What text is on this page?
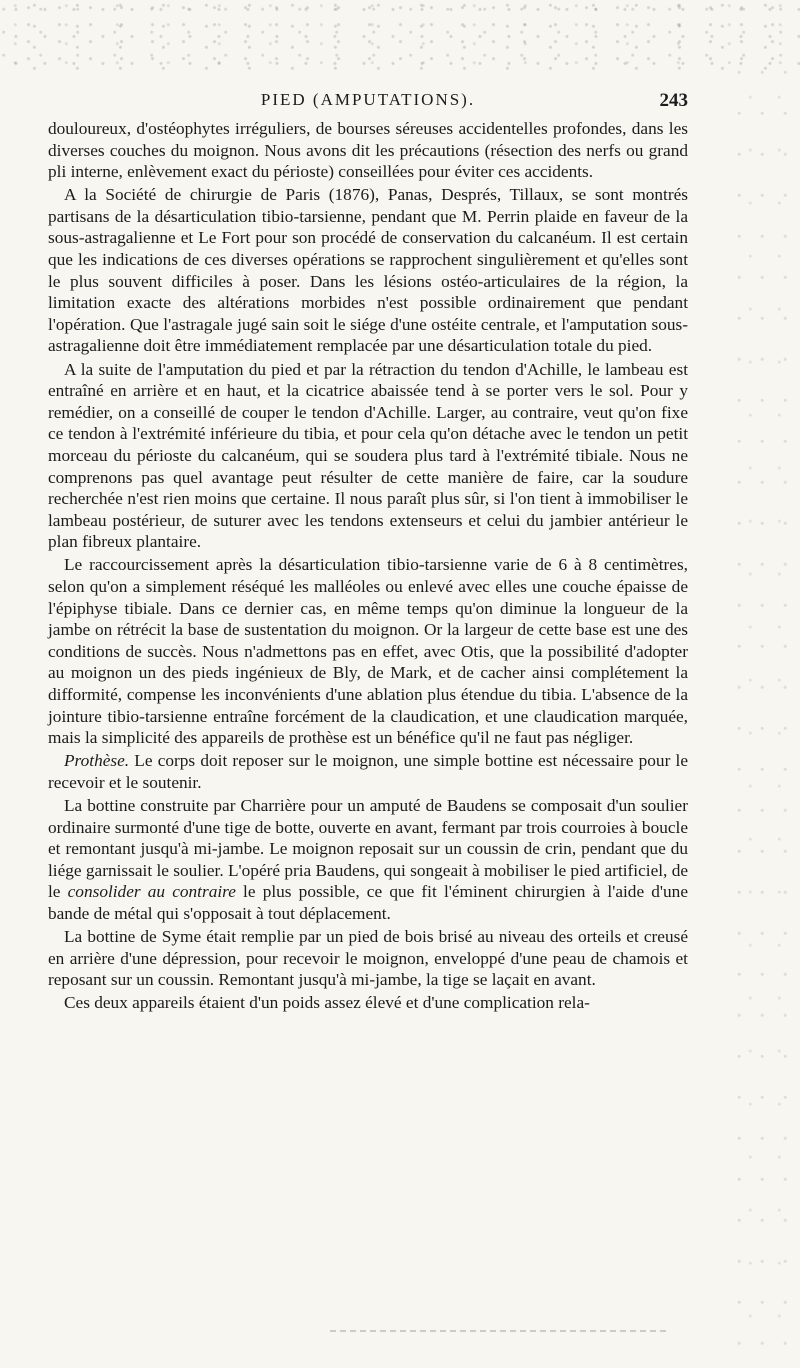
PIED (AMPUTATIONS).	243

douloureux, d'ostéophytes irréguliers, de bourses séreuses accidentelles profondes, dans les diverses couches du moignon. Nous avons dit les précautions (résection des nerfs ou grand pli interne, enlèvement exact du périoste) conseillées pour éviter ces accidents.

A la Société de chirurgie de Paris (1876), Panas, Després, Tillaux, se sont montrés partisans de la désarticulation tibio-tarsienne, pendant que M. Perrin plaide en faveur de la sous-astragalienne et Le Fort pour son procédé de conservation du calcanéum. Il est certain que les indications de ces diverses opérations se rapprochent singulièrement et qu'elles sont le plus souvent difficiles à poser. Dans les lésions ostéo-articulaires de la région, la limitation exacte des altérations morbides n'est possible ordinairement que pendant l'opération. Que l'astragale jugé sain soit le siége d'une ostéite centrale, et l'amputation sous-astragalienne doit être immédiatement remplacée par une désarticulation totale du pied.

A la suite de l'amputation du pied et par la rétraction du tendon d'Achille, le lambeau est entraîné en arrière et en haut, et la cicatrice abaissée tend à se porter vers le sol. Pour y remédier, on a conseillé de couper le tendon d'Achille. Larger, au contraire, veut qu'on fixe ce tendon à l'extrémité inférieure du tibia, et pour cela qu'on détache avec le tendon un petit morceau du périoste du calcanéum, qui se soudera plus tard à l'extrémité tibiale. Nous ne comprenons pas quel avantage peut résulter de cette manière de faire, car la soudure recherchée n'est rien moins que certaine. Il nous paraît plus sûr, si l'on tient à immobiliser le lambeau postérieur, de suturer avec les tendons extenseurs et celui du jambier antérieur le plan fibreux plantaire.

Le raccourcissement après la désarticulation tibio-tarsienne varie de 6 à 8 centimètres, selon qu'on a simplement réséqué les malléoles ou enlevé avec elles une couche épaisse de l'épiphyse tibiale. Dans ce dernier cas, en même temps qu'on diminue la longueur de la jambe on rétrécit la base de sustentation du moignon. Or la largeur de cette base est une des conditions de succès. Nous n'admettons pas en effet, avec Otis, que la possibilité d'adopter au moignon un des pieds ingénieux de Bly, de Mark, et de cacher ainsi complétement la difformité, compense les inconvénients d'une ablation plus étendue du tibia. L'absence de la jointure tibio-tarsienne entraîne forcément de la claudication, et une claudication marquée, mais la simplicité des appareils de prothèse est un bénéfice qu'il ne faut pas négliger.

Prothèse. Le corps doit reposer sur le moignon, une simple bottine est nécessaire pour le recevoir et le soutenir.

La bottine construite par Charrière pour un amputé de Baudens se composait d'un soulier ordinaire surmonté d'une tige de botte, ouverte en avant, fermant par trois courroies à boucle et remontant jusqu'à mi-jambe. Le moignon reposait sur un coussin de crin, pendant que du liége garnissait le soulier. L'opéré pria Baudens, qui songeait à mobiliser le pied artificiel, de le consolider au contraire le plus possible, ce que fit l'éminent chirurgien à l'aide d'une bande de métal qui s'opposait à tout déplacement.

La bottine de Syme était remplie par un pied de bois brisé au niveau des orteils et creusé en arrière d'une dépression, pour recevoir le moignon, enveloppé d'une peau de chamois et reposant sur un coussin. Remontant jusqu'à mi-jambe, la tige se laçait en avant.

Ces deux appareils étaient d'un poids assez élevé et d'une complication rela-
